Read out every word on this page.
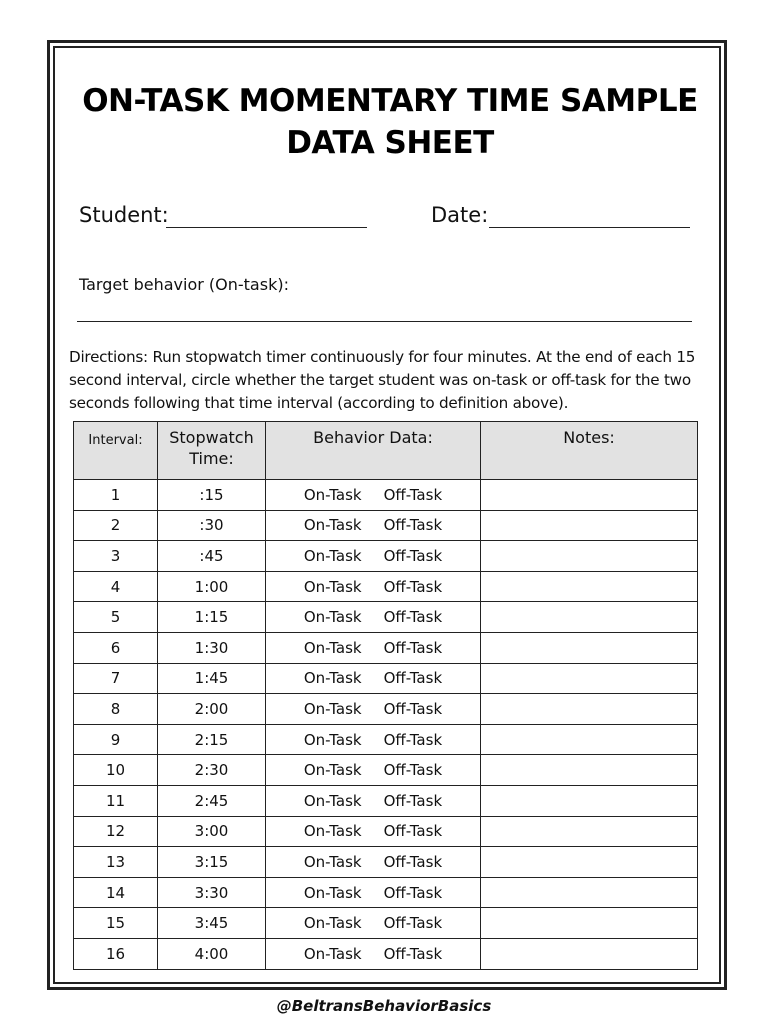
ON-TASK MOMENTARY TIME SAMPLE
DATA SHEET
Student:	Date:
Target behavior (On-task):
Directions: Run stopwatch timer continuously for four minutes. At the end of each 15 second interval, circle whether the target student was on-task or off-task for the two seconds following that time interval (according to definition above).
Interval:	Stopwatch Time:	Behavior Data:	Notes:
1	:15	On-Task Off-Task	
2	:30	On-Task Off-Task	
3	:45	On-Task Off-Task	
4	1:00	On-Task Off-Task	
5	1:15	On-Task Off-Task	
6	1:30	On-Task Off-Task	
7	1:45	On-Task Off-Task	
8	2:00	On-Task Off-Task	
9	2:15	On-Task Off-Task	
10	2:30	On-Task Off-Task	
11	2:45	On-Task Off-Task	
12	3:00	On-Task Off-Task	
13	3:15	On-Task Off-Task	
14	3:30	On-Task Off-Task	
15	3:45	On-Task Off-Task	
16	4:00	On-Task Off-Task	
@BeltransBehaviorBasics
